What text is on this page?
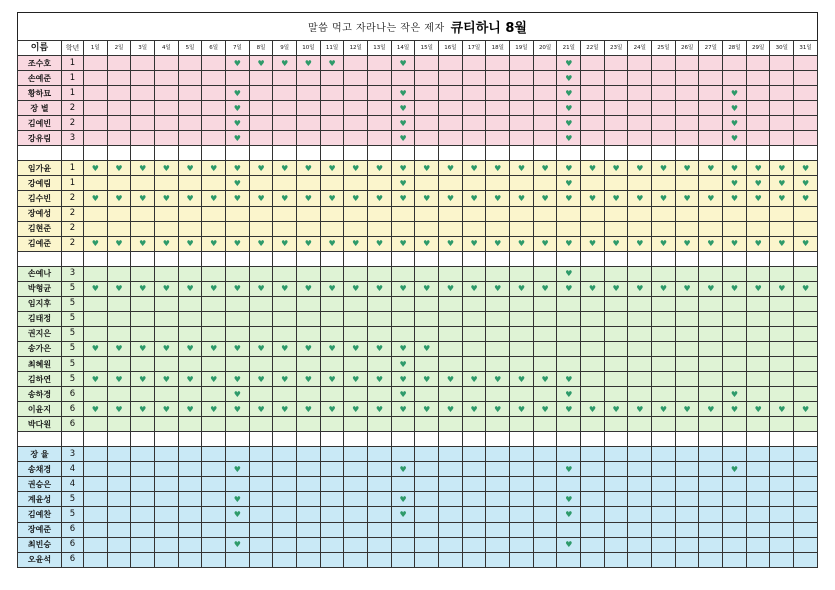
말씀 먹고 자라나는 작은 제자 큐티하니 8월
이름	학년	1일	2일	3일	4일	5일	6일	7일	8일	9일	10일	11일	12일	13일	14일	15일	16일	17일	18일	19일	20일	21일	22일	23일	24일	25일	26일	27일	28일	29일	30일	31일
조수호	1							♥	♥	♥	♥	♥			♥							♥										
손예준	1																					♥										
황하묘	1							♥							♥							♥							♥			
장 별	2							♥							♥							♥							♥			
김예빈	2							♥							♥							♥							♥			
강유림	3							♥							♥							♥							♥			

임가윤	1	♥	♥	♥	♥	♥	♥	♥	♥	♥	♥	♥	♥	♥	♥	♥	♥	♥	♥	♥	♥	♥	♥	♥	♥	♥	♥	♥	♥	♥	♥	♥
강예림	1							♥							♥							♥							♥	♥	♥	♥
김수빈	2	♥	♥	♥	♥	♥	♥	♥	♥	♥	♥	♥	♥	♥	♥	♥	♥	♥	♥	♥	♥	♥	♥	♥	♥	♥	♥	♥	♥	♥	♥	♥
장예성	2																															
김현준	2																															
김예준	2	♥	♥	♥	♥	♥	♥	♥	♥	♥	♥	♥	♥	♥	♥	♥	♥	♥	♥	♥	♥	♥	♥	♥	♥	♥	♥	♥	♥	♥	♥	♥

손예나	3																					♥										
박형균	5	♥	♥	♥	♥	♥	♥	♥	♥	♥	♥	♥	♥	♥	♥	♥	♥	♥	♥	♥	♥	♥	♥	♥	♥	♥	♥	♥	♥	♥	♥	♥
임지후	5																															
김태정	5																															
권지은	5																															
송가은	5	♥	♥	♥	♥	♥	♥	♥	♥	♥	♥	♥	♥	♥	♥	♥																
최혜원	5														♥																	
김하연	5	♥	♥	♥	♥	♥	♥	♥	♥	♥	♥	♥	♥	♥	♥	♥	♥	♥	♥	♥	♥	♥										
송하경	6							♥							♥							♥							♥			
이윤지	6	♥	♥	♥	♥	♥	♥	♥	♥	♥	♥	♥	♥	♥	♥	♥	♥	♥	♥	♥	♥	♥	♥	♥	♥	♥	♥	♥	♥	♥	♥	♥
박다원	6																															

장 율	3																															
송채경	4							♥							♥							♥							♥			
권승은	4																															
계윤성	5							♥							♥							♥										
김예찬	5							♥							♥							♥										
장예준	6																															
최빈승	6							♥														♥										
오윤석	6																															
